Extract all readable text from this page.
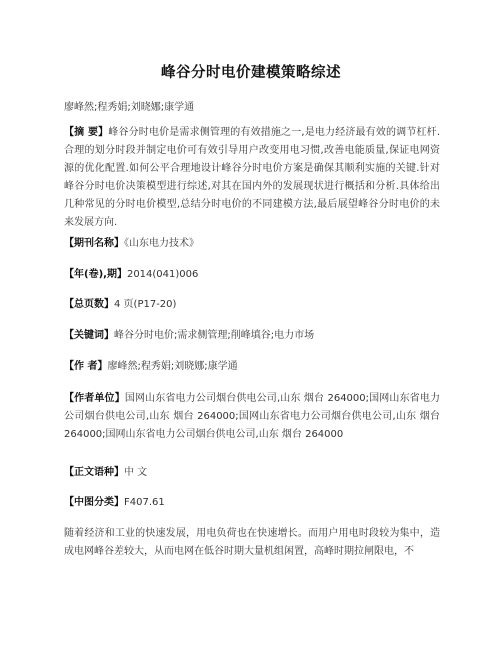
峰谷分时电价建模策略综述
廖峰然;程秀娟;刘晓娜;康学通
【摘 要】峰谷分时电价是需求侧管理的有效措施之一,是电力经济最有效的调节杠杆.合理的划分时段并制定电价可有效引导用户改变用电习惯,改善电能质量,保证电网资源的优化配置.如何公平合理地设计峰谷分时电价方案是确保其顺利实施的关键.针对峰谷分时电价决策模型进行综述,对其在国内外的发展现状进行概括和分析.具体给出几种常见的分时电价模型,总结分时电价的不同建模方法,最后展望峰谷分时电价的未来发展方向.
【期刊名称】《山东电力技术》
【年(卷),期】2014(041)006
【总页数】4 页(P17-20)
【关键词】峰谷分时电价;需求侧管理;削峰填谷;电力市场
【作 者】廖峰然;程秀娟;刘晓娜;康学通
【作者单位】国网山东省电力公司烟台供电公司,山东 烟台 264000;国网山东省电力公司烟台供电公司,山东 烟台 264000;国网山东省电力公司烟台供电公司,山东 烟台 264000;国网山东省电力公司烟台供电公司,山东 烟台 264000
【正文语种】中 文
【中图分类】F407.61
随着经济和工业的快速发展，用电负荷也在快速增长。而用户用电时段较为集中，造成电网峰谷差较大，从而电网在低谷时期大量机组闲置，高峰时期拉闸限电，不
